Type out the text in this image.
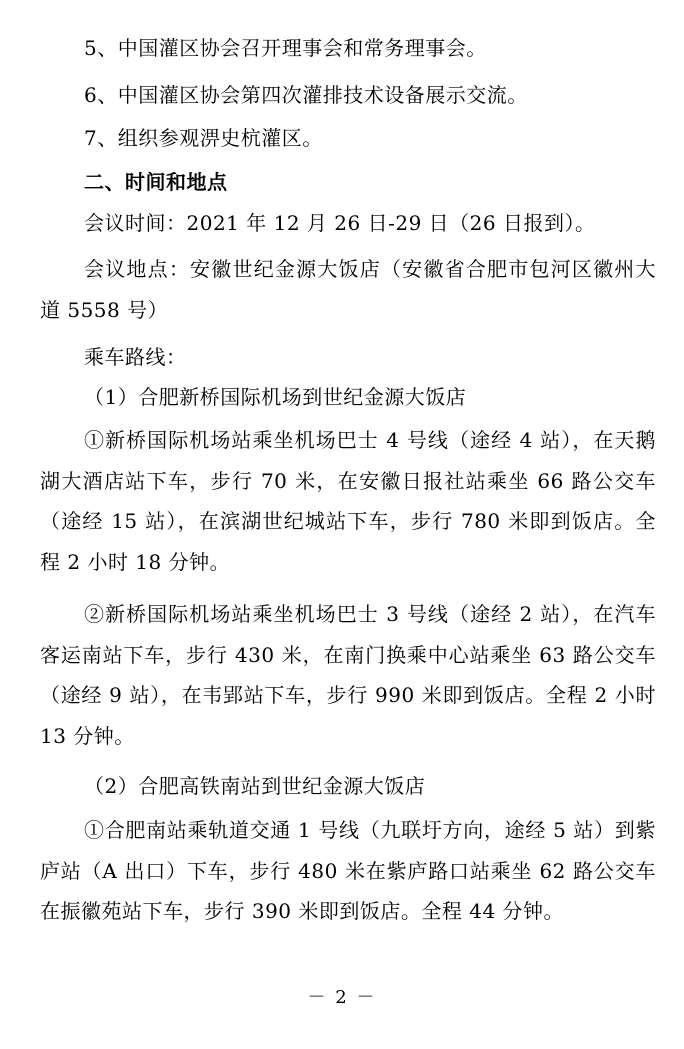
5、中国灌区协会召开理事会和常务理事会。

6、中国灌区协会第四次灌排技术设备展示交流。

7、组织参观淠史杭灌区。

二、时间和地点

会议时间：2021 年 12 月 26 日-29 日（26 日报到）。

会议地点：安徽世纪金源大饭店（安徽省合肥市包河区徽州大道 5558 号）

乘车路线：

（1）合肥新桥国际机场到世纪金源大饭店

①新桥国际机场站乘坐机场巴士 4 号线（途经 4 站），在天鹅湖大酒店站下车，步行 70 米，在安徽日报社站乘坐 66 路公交车（途经 15 站），在滨湖世纪城站下车，步行 780 米即到饭店。全程 2 小时 18 分钟。

②新桥国际机场站乘坐机场巴士 3 号线（途经 2 站），在汽车客运南站下车，步行 430 米，在南门换乘中心站乘坐 63 路公交车（途经 9 站），在韦郢站下车，步行 990 米即到饭店。全程 2 小时 13 分钟。

（2）合肥高铁南站到世纪金源大饭店

①合肥南站乘轨道交通 1 号线（九联圩方向，途经 5 站）到紫庐站（A 出口）下车，步行 480 米在紫庐路口站乘坐 62 路公交车在振徽苑站下车，步行 390 米即到饭店。全程 44 分钟。

－ 2 －
